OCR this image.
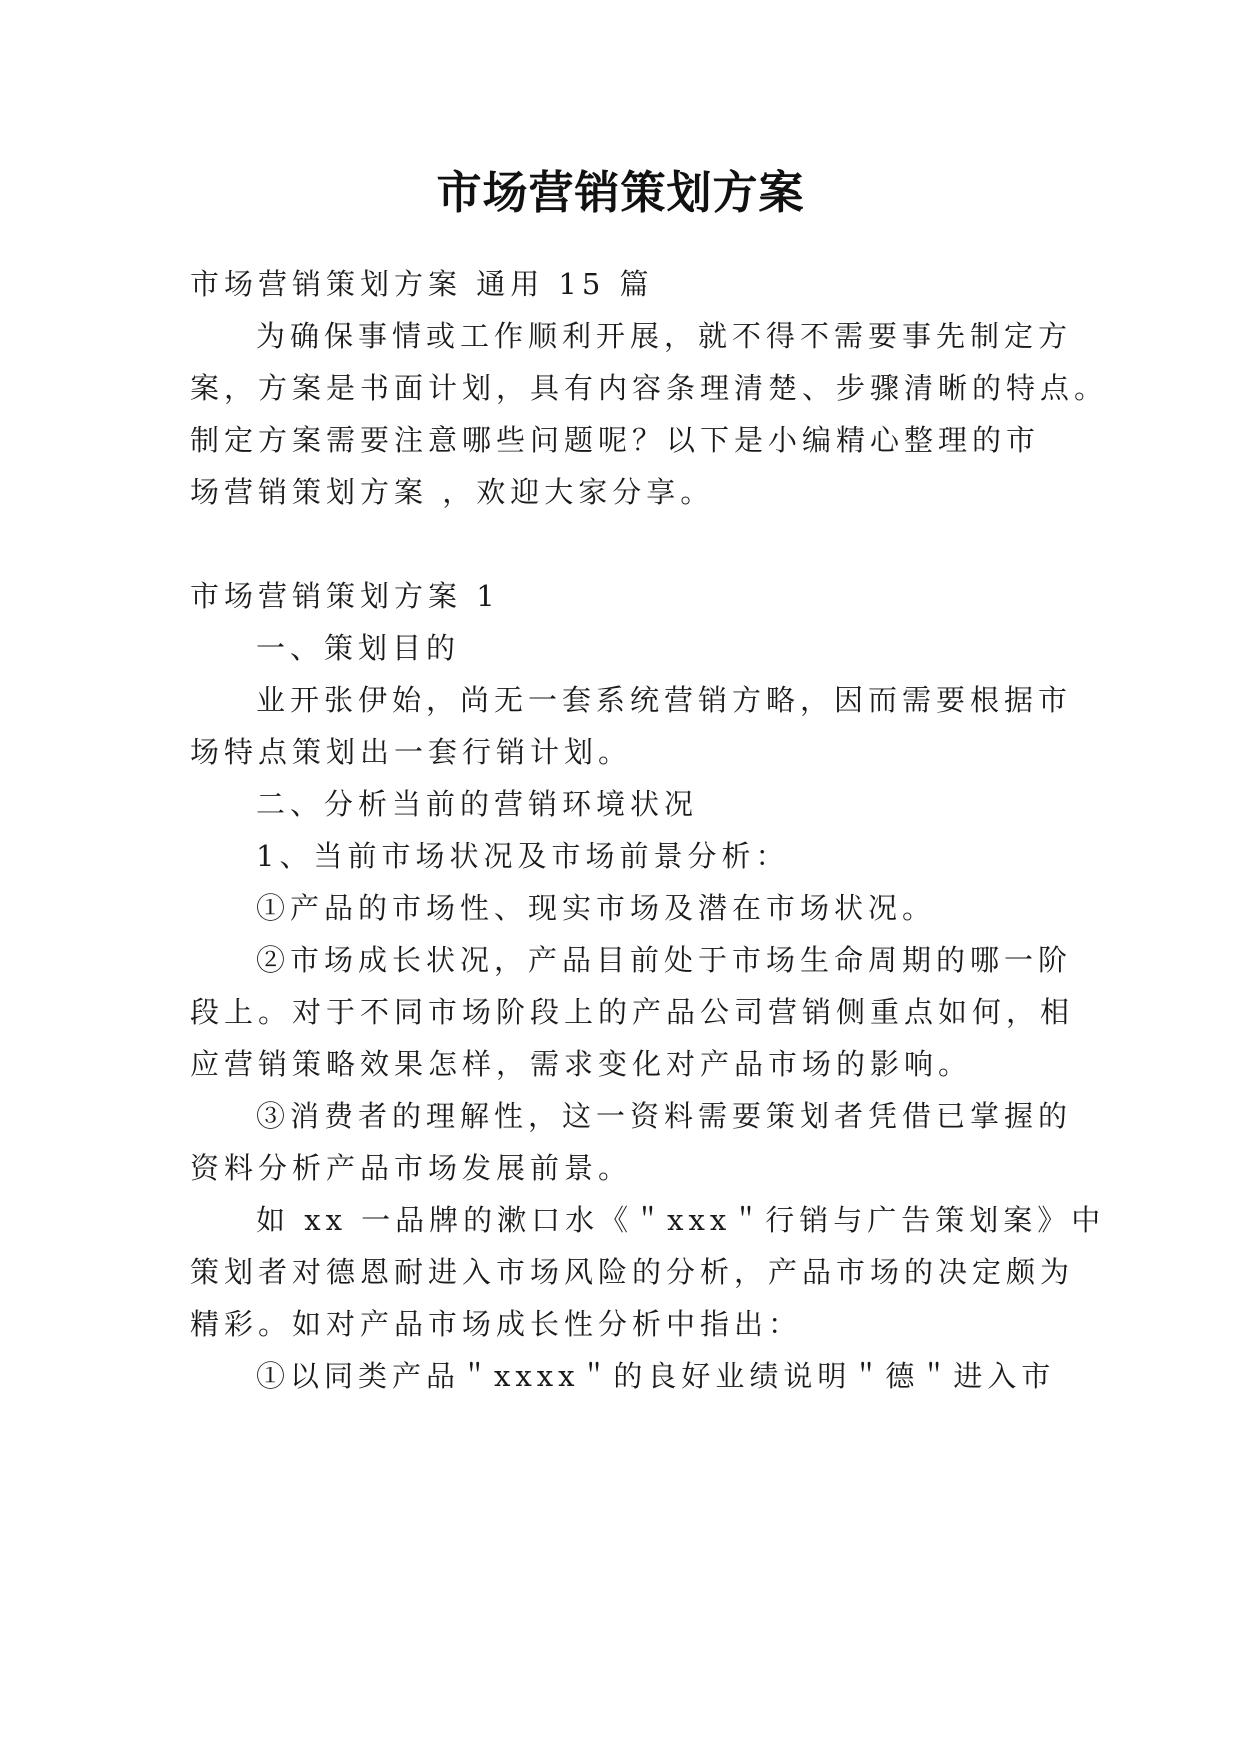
市场营销策划方案
市场营销策划方案 通用 15 篇
为确保事情或工作顺利开展，就不得不需要事先制定方
案，方案是书面计划，具有内容条理清楚、步骤清晰的特点。
制定方案需要注意哪些问题呢？以下是小编精心整理的市
场营销策划方案 ，欢迎大家分享。
市场营销策划方案 1
一、策划目的
业开张伊始，尚无一套系统营销方略，因而需要根据市
场特点策划出一套行销计划。
二、分析当前的营销环境状况
1、当前市场状况及市场前景分析：
①产品的市场性、现实市场及潜在市场状况。
②市场成长状况，产品目前处于市场生命周期的哪一阶
段上。对于不同市场阶段上的产品公司营销侧重点如何，相
应营销策略效果怎样，需求变化对产品市场的影响。
③消费者的理解性，这一资料需要策划者凭借已掌握的
资料分析产品市场发展前景。
如 xx 一品牌的漱口水《＂xxx＂行销与广告策划案》中
策划者对德恩耐进入市场风险的分析，产品市场的决定颇为
精彩。如对产品市场成长性分析中指出：
①以同类产品＂xxxx＂的良好业绩说明＂德＂进入市
